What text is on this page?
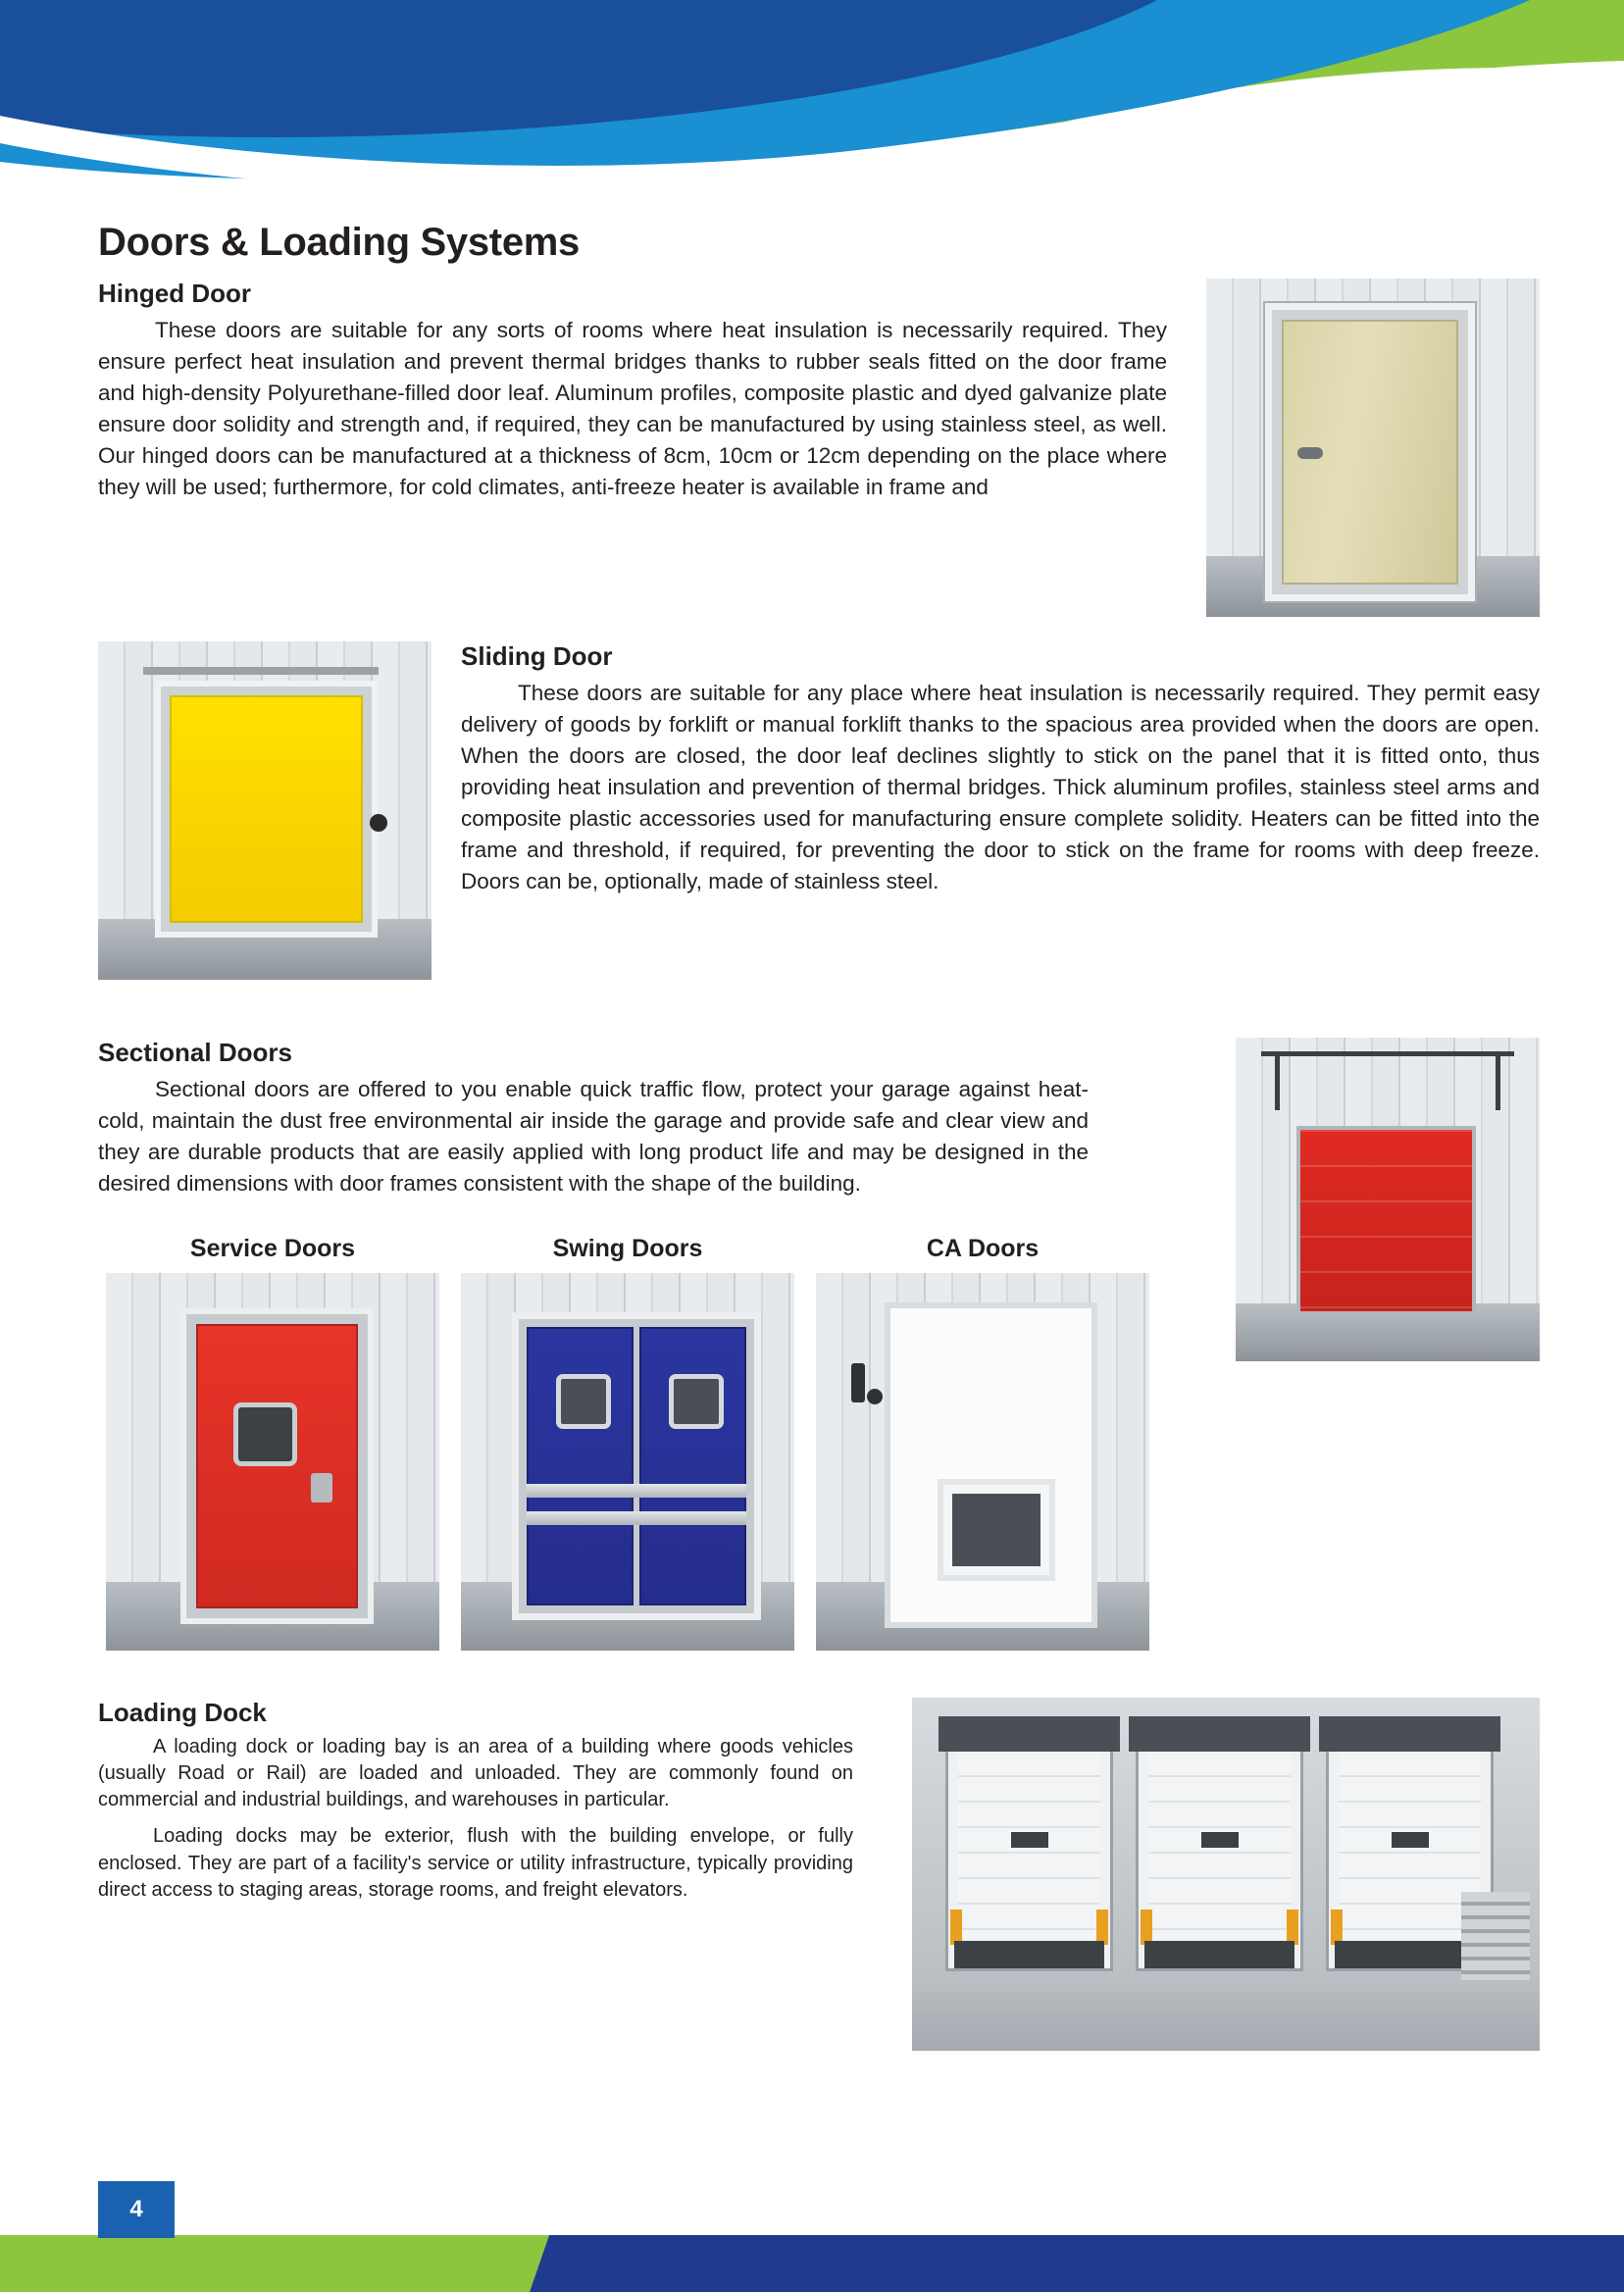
4
Doors & Loading Systems
Hinged Door

These doors are suitable for any sorts of rooms where heat insulation is necessarily required. They ensure perfect heat insulation and prevent thermal bridges thanks to rubber seals fitted on the door frame and high-density Polyurethane-filled door leaf. Aluminum profiles, composite plastic and dyed galvanize plate ensure door solidity and strength and, if required, they can be manufactured by using stainless steel, as well. Our hinged doors can be manufactured at a thickness of 8cm, 10cm or 12cm depending on the place where they will be used; furthermore, for cold climates, anti-freeze heater is available in frame and

Sliding Door

These doors are suitable for any place where heat insulation is necessarily required. They permit easy delivery of goods by forklift or manual forklift thanks to the spacious area provided when the doors are open. When the doors are closed, the door leaf declines slightly to stick on the panel that it is fitted onto, thus providing heat insulation and prevention of thermal bridges. Thick aluminum profiles, stainless steel arms and composite plastic accessories used for manufacturing ensure complete solidity. Heaters can be fitted into the frame and threshold, if required, for preventing the door to stick on the frame for rooms with deep freeze. Doors can be, optionally, made of stainless steel.

Sectional Doors

Sectional doors are offered to you enable quick traffic flow, protect your garage against heat-cold, maintain the dust free environmental air inside the garage and provide safe and clear view and they are durable products that are easily applied with long product life and may be designed in the desired dimensions with door frames consistent with the shape of the building.

Service Doors	Swing Doors	CA Doors
Loading Dock

A loading dock or loading bay is an area of a building where goods vehicles (usually Road or Rail) are loaded and unloaded. They are commonly found on commercial and industrial buildings, and warehouses in particular.

Loading docks may be exterior, flush with the building envelope, or fully enclosed. They are part of a facility's service or utility infrastructure, typically providing direct access to staging areas, storage rooms, and freight elevators.
